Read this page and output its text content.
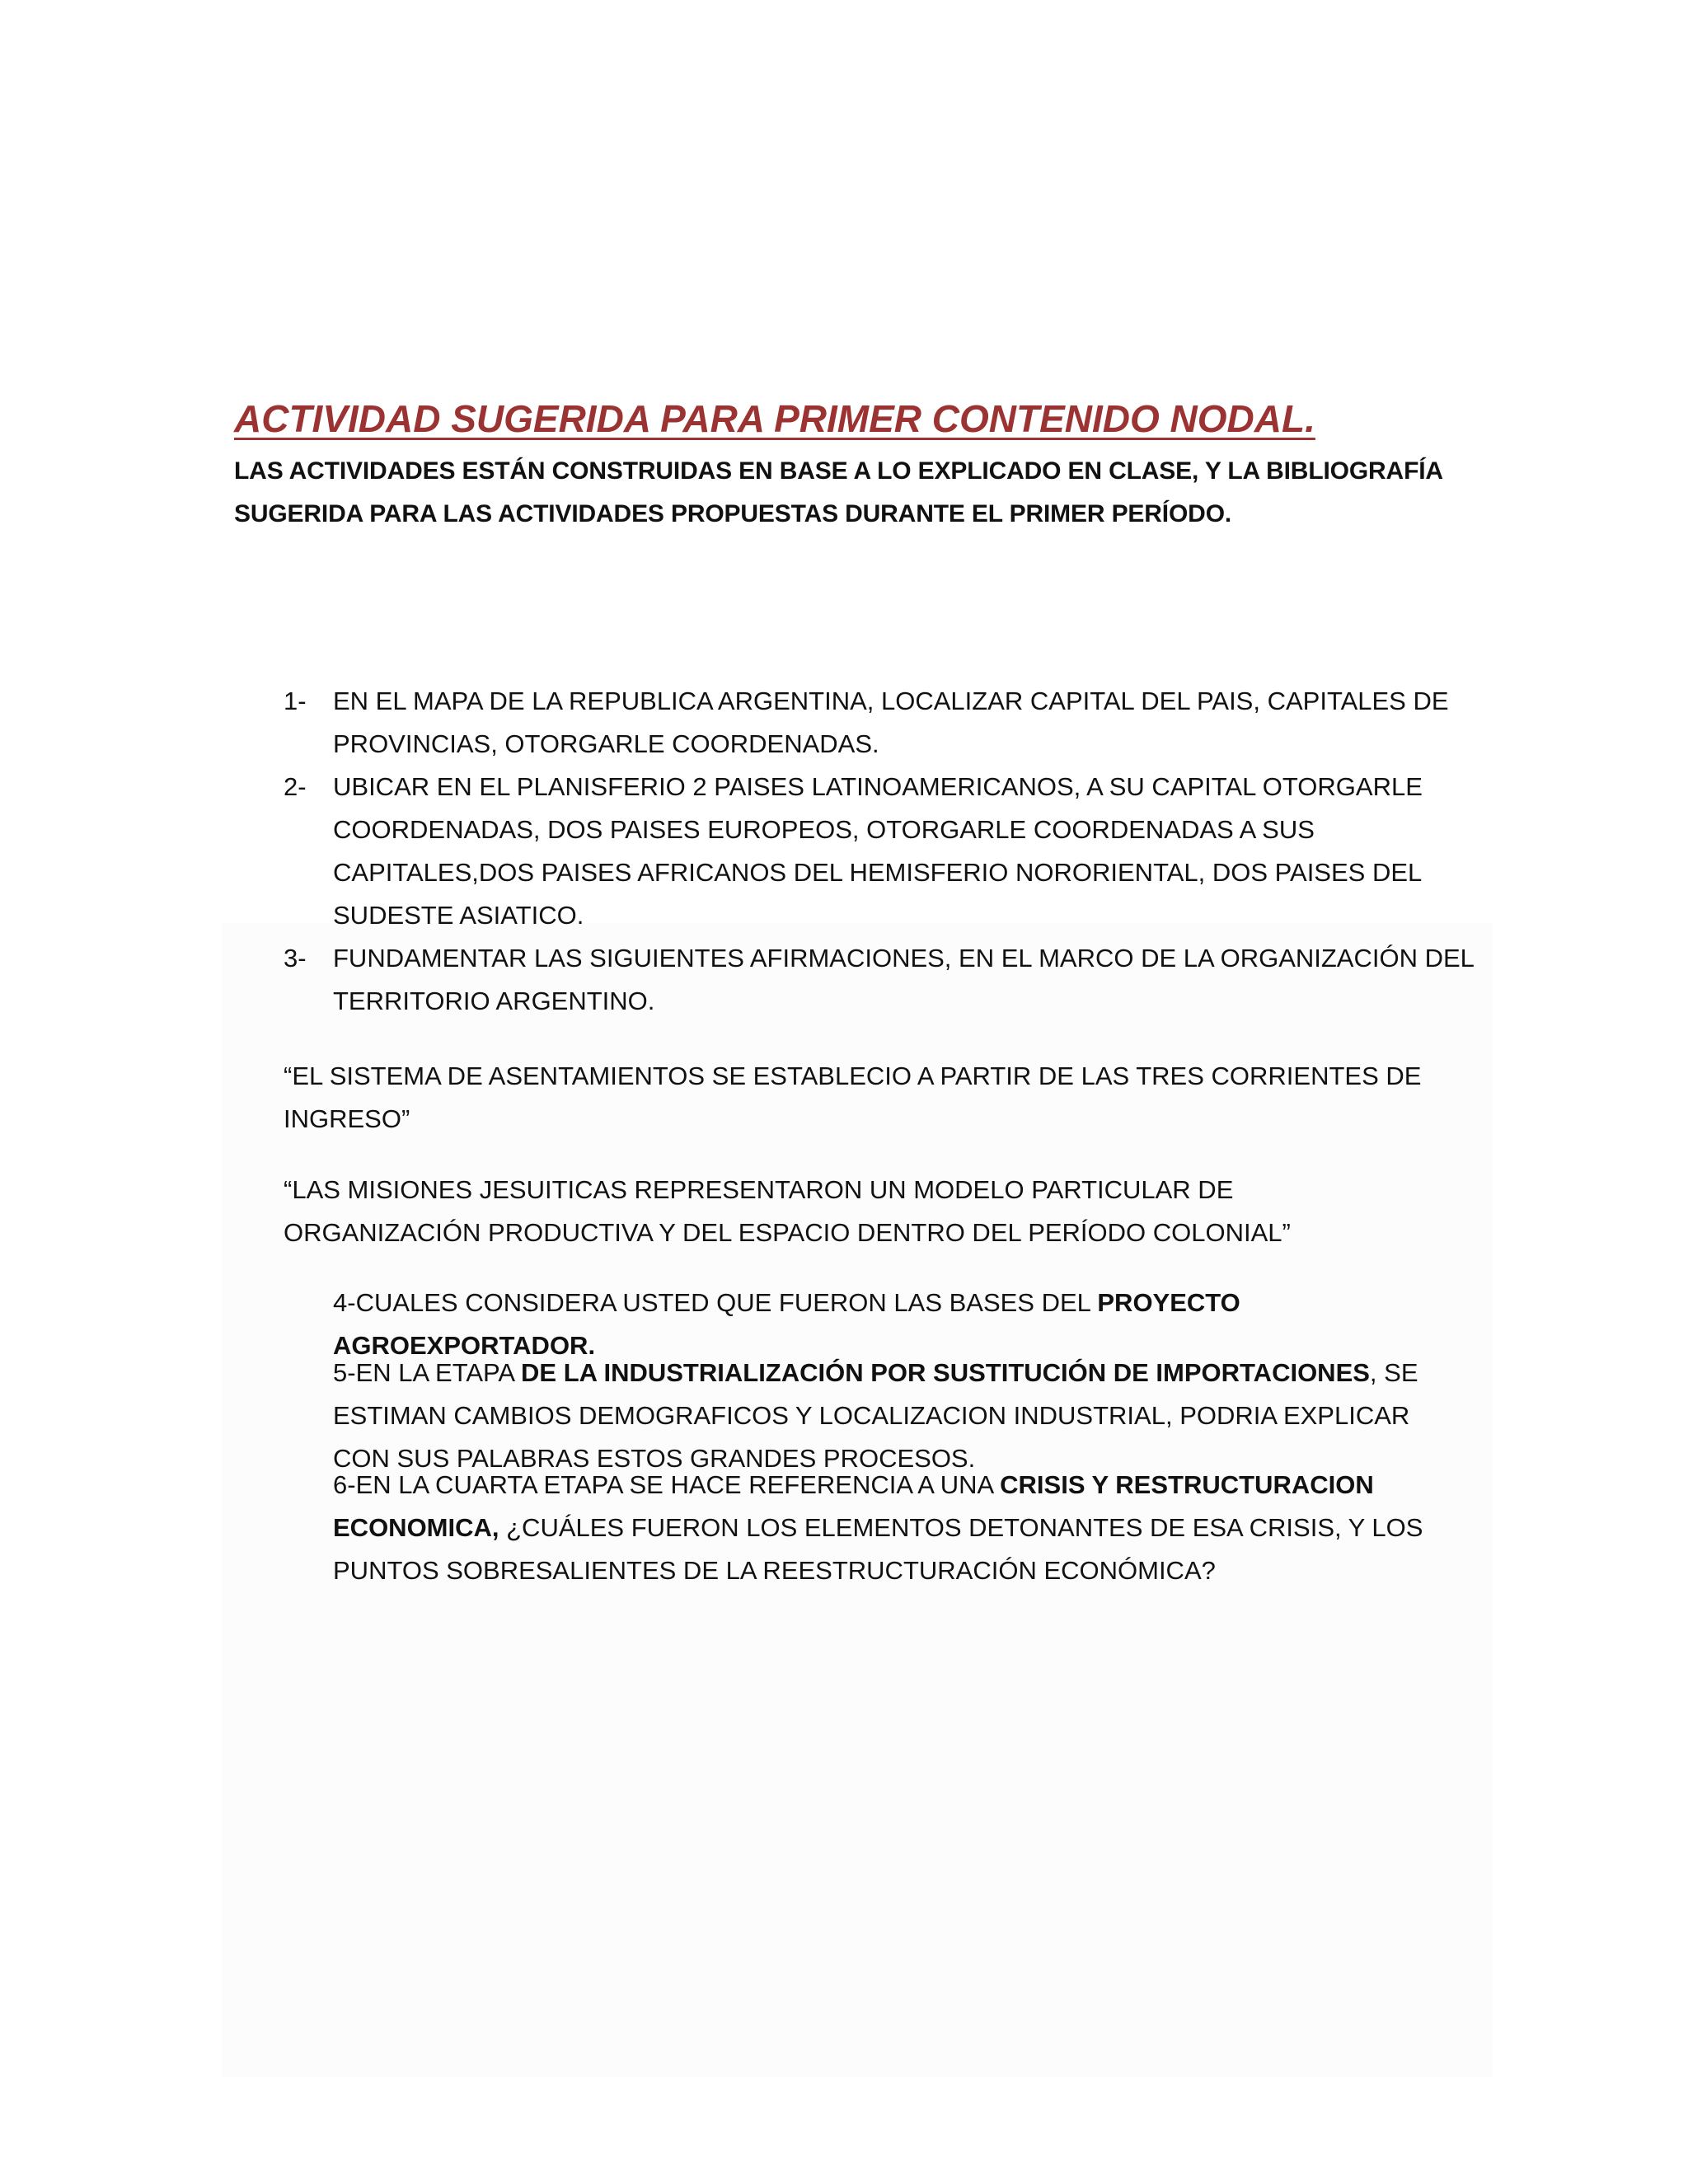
ACTIVIDAD SUGERIDA PARA PRIMER CONTENIDO NODAL.

LAS ACTIVIDADES ESTÁN CONSTRUIDAS EN BASE A LO EXPLICADO EN CLASE, Y LA BIBLIOGRAFÍA SUGERIDA PARA LAS ACTIVIDADES PROPUESTAS DURANTE EL PRIMER PERÍODO.

1-	EN EL MAPA DE LA REPUBLICA ARGENTINA, LOCALIZAR CAPITAL DEL PAIS, CAPITALES DE PROVINCIAS, OTORGARLE COORDENADAS.
2-	UBICAR EN EL PLANISFERIO 2 PAISES LATINOAMERICANOS, A SU CAPITAL OTORGARLE COORDENADAS, DOS PAISES EUROPEOS, OTORGARLE COORDENADAS A SUS CAPITALES,DOS PAISES AFRICANOS DEL HEMISFERIO NORORIENTAL, DOS PAISES DEL SUDESTE ASIATICO.
3-	FUNDAMENTAR LAS SIGUIENTES AFIRMACIONES, EN EL MARCO DE LA ORGANIZACIÓN DEL TERRITORIO ARGENTINO.

“EL SISTEMA DE ASENTAMIENTOS SE ESTABLECIO A PARTIR DE LAS TRES CORRIENTES DE INGRESO”

“LAS MISIONES JESUITICAS REPRESENTARON UN MODELO PARTICULAR DE ORGANIZACIÓN PRODUCTIVA Y DEL ESPACIO DENTRO DEL PERÍODO COLONIAL”

4-CUALES CONSIDERA USTED QUE FUERON LAS BASES DEL PROYECTO AGROEXPORTADOR.

5-EN LA ETAPA DE LA INDUSTRIALIZACIÓN POR SUSTITUCIÓN DE IMPORTACIONES, SE ESTIMAN CAMBIOS DEMOGRAFICOS Y LOCALIZACION INDUSTRIAL, PODRIA EXPLICAR CON SUS PALABRAS ESTOS GRANDES PROCESOS.

6-EN LA CUARTA ETAPA SE HACE REFERENCIA A UNA CRISIS Y RESTRUCTURACION ECONOMICA, ¿CUÁLES FUERON LOS ELEMENTOS DETONANTES DE ESA CRISIS, Y LOS PUNTOS SOBRESALIENTES DE LA REESTRUCTURACIÓN ECONÓMICA?
